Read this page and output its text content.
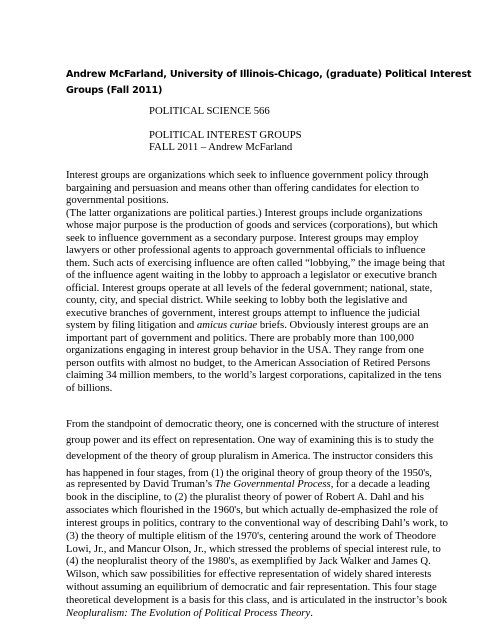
Andrew McFarland, University of Illinois-Chicago, (graduate) Political Interest
Groups (Fall 2011)
POLITICAL SCIENCE 566
POLITICAL INTEREST GROUPS
FALL 2011 – Andrew McFarland
Interest groups are organizations which seek to influence government policy through
bargaining and persuasion and means other than offering candidates for election to
governmental positions.
(The latter organizations are political parties.) Interest groups include organizations
whose major purpose is the production of goods and services (corporations), but which
seek to influence government as a secondary purpose. Interest groups may employ
lawyers or other professional agents to approach governmental officials to influence
them. Such acts of exercising influence are often called “lobbying,” the image being that
of the influence agent waiting in the lobby to approach a legislator or executive branch
official. Interest groups operate at all levels of the federal government; national, state,
county, city, and special district. While seeking to lobby both the legislative and
executive branches of government, interest groups attempt to influence the judicial
system by filing litigation and amicus curiae briefs. Obviously interest groups are an
important part of government and politics. There are probably more than 100,000
organizations engaging in interest group behavior in the USA. They range from one
person outfits with almost no budget, to the American Association of Retired Persons
claiming 34 million members, to the world’s largest corporations, capitalized in the tens
of billions.
From the standpoint of democratic theory, one is concerned with the structure of interest
group power and its effect on representation. One way of examining this is to study the
development of the theory of group pluralism in America. The instructor considers this
has happened in four stages, from (1) the original theory of group theory of the 1950's,
as represented by David Truman’s The Governmental Process, for a decade a leading
book in the discipline, to (2) the pluralist theory of power of Robert A. Dahl and his
associates which flourished in the 1960's, but which actually de-emphasized the role of
interest groups in politics, contrary to the conventional way of describing Dahl’s work, to
(3) the theory of multiple elitism of the 1970's, centering around the work of Theodore
Lowi, Jr., and Mancur Olson, Jr., which stressed the problems of special interest rule, to
(4) the neopluralist theory of the 1980's, as exemplified by Jack Walker and James Q.
Wilson, which saw possibilities for effective representation of widely shared interests
without assuming an equilibrium of democratic and fair representation. This four stage
theoretical development is a basis for this class, and is articulated in the instructor’s book
Neopluralism: The Evolution of Political Process Theory.
